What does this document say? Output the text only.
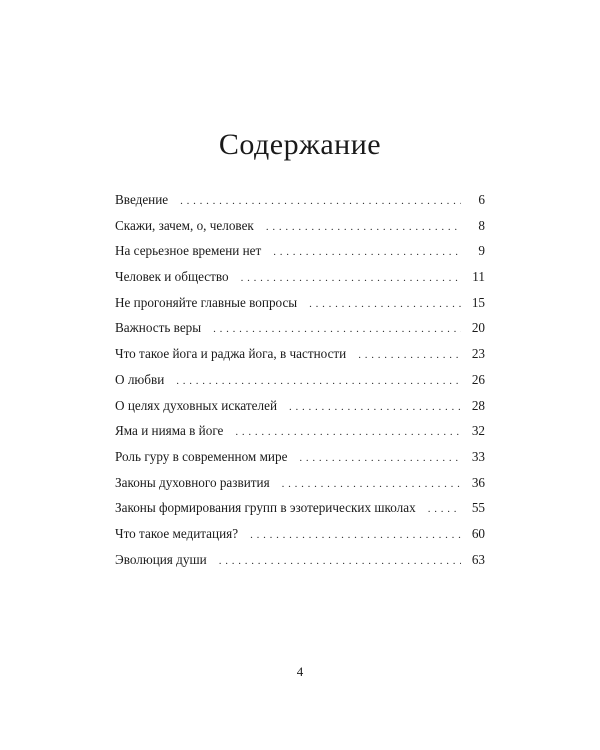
Содержание
Введение . . .	6
Скажи, зачем, о, человек . . .	8
На серьезное времени нет . . .	9
Человек и общество . . .	11
Не прогоняйте главные вопросы . . .	15
Важность веры . . .	20
Что такое йога и раджа йога, в частности . . .	23
О любви . . .	26
О целях духовных искателей . . .	28
Яма и нияма в йоге . . .	32
Роль гуру в современном мире . . .	33
Законы духовного развития . . .	36
Законы формирования групп в эзотерических школах . . .	55
Что такое медитация? . . .	60
Эволюция души . . .	63

4
